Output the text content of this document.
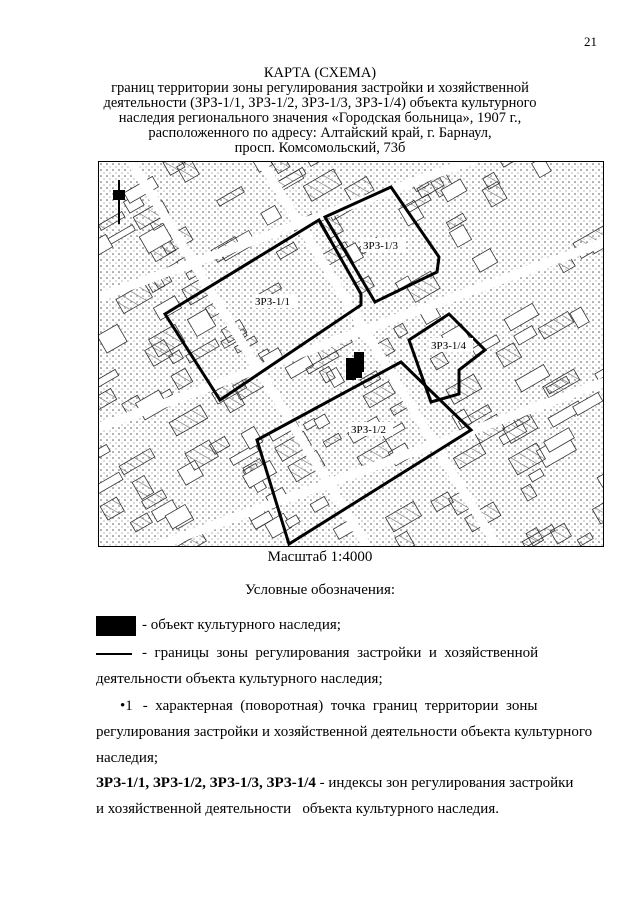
21
КАРТА (СХЕМА)
границ территории зоны регулирования застройки и хозяйственной
деятельности (ЗРЗ-1/1, ЗРЗ-1/2, ЗРЗ-1/3, ЗРЗ-1/4) объекта культурного
наследия регионального значения «Городская больница», 1907 г.,
расположенного по адресу: Алтайский край, г. Барнаул,
просп. Комсомольский, 73б
ЗРЗ-1/1
ЗРЗ-1/3
ЗРЗ-1/4
ЗРЗ-1/2
Масштаб 1:4000
Условные обозначения:
- объект культурного наследия;
-  границы  зоны  регулирования  застройки  и  хозяйственной
деятельности объекта культурного наследия;
•1 -  характерная  (поворотная)  точка  границ  территории  зоны
регулирования застройки и хозяйственной деятельности объекта культурного
наследия;
ЗРЗ-1/1, ЗРЗ-1/2, ЗРЗ-1/3, ЗРЗ-1/4 - индексы зон регулирования застройки
и хозяйственной деятельности   объекта культурного наследия.
